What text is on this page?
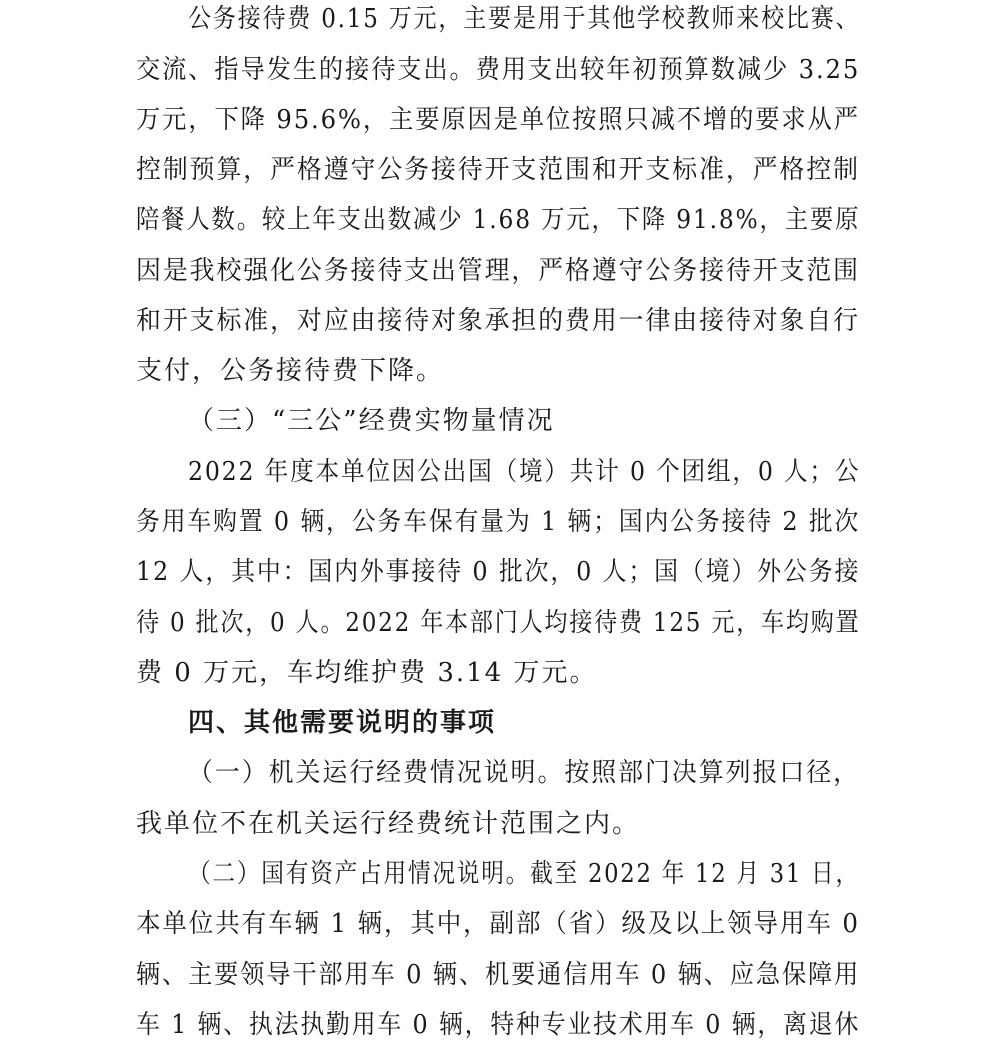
公务接待费 0.15 万元，主要是用于其他学校教师来校比赛、
交流、指导发生的接待支出。费用支出较年初预算数减少 3.25
万元，下降 95.6%，主要原因是单位按照只减不增的要求从严
控制预算，严格遵守公务接待开支范围和开支标准，严格控制
陪餐人数。较上年支出数减少 1.68 万元，下降 91.8%，主要原
因是我校强化公务接待支出管理，严格遵守公务接待开支范围
和开支标准，对应由接待对象承担的费用一律由接待对象自行
支付，公务接待费下降。
（三）“三公”经费实物量情况
2022 年度本单位因公出国（境）共计 0 个团组，0 人；公
务用车购置 0 辆，公务车保有量为 1 辆；国内公务接待 2 批次
12 人，其中：国内外事接待 0 批次，0 人；国（境）外公务接
待 0 批次，0 人。2022 年本部门人均接待费 125 元，车均购置
费 0 万元，车均维护费 3.14 万元。
四、其他需要说明的事项
（一）机关运行经费情况说明。按照部门决算列报口径，
我单位不在机关运行经费统计范围之内。
（二）国有资产占用情况说明。截至 2022 年 12 月 31 日，
本单位共有车辆 1 辆，其中，副部（省）级及以上领导用车 0
辆、主要领导干部用车 0 辆、机要通信用车 0 辆、应急保障用
车 1 辆、执法执勤用车 0 辆，特种专业技术用车 0 辆，离退休
